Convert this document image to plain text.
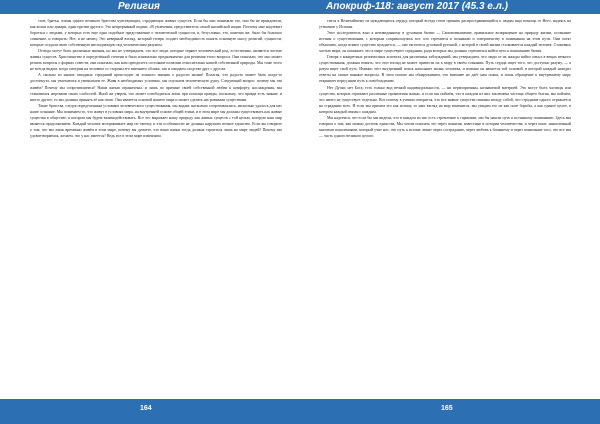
Религия	Апокриф-118: август 2017 (45.3 e.л.)

стов, братья, члены одного великого братства чувствующих, страдающих живых существ. Если бы они понимали это, они бы не враждовали, как волки или дикари, один против другого. Это непрерывный подвиг, «В увлечении, представитель самой английской нации. Поэтому мне надлежит бороться с людьми, у которых есть еще одно подобное представление о человеческой сущности, и, безусловно, это, конечно же, было бы большое сомнение, и говорить: Нет, я не немец. Это неверный взгляд, который теперь создает необходимость понять основную массу религий, сущности, которые создали свою собственную ниспадающую под человеческим разумом.

Отсюда могут быть различные мнения, но мы не утверждаем, что все люди, которые теряют человеческий род, естественно, являются частью живых существ. Христианство в определённой степени и было изначально предназначено для решения этого вопроса. Они показали, что оно может решать вопросы о формах совести, они показали, как нам преодолеть состояние иллюзии относительно нашей собственной природы. Мы тоже этого не всегда видим, когда смотрим на человека со стороны его внешнего облика, так и ожидаем сходства друг с другом.

А сколько из наших западных страданий происходит из ложного мнения о радости жизни! Полагая, что радость может быть когда-то достигнута, мы увлекаемся и уменьшаем ее. Живя в необходимых условиях, мы опускаем человеческую душу. Следующий вопрос: почему мы так живём? Почему мы сопротивляемся? Наши жизни ограничены, и лишь по причине своей собственной любви к комфорту, наслаждения, мы становимся жертвами своих слабостей. Иной же уверен, что может освободиться лишь при помощи правды, поскольку, что правда есть знание, и ничто другое, то мы должны принять её как свою. Она является основой нашего мира и может сделать нас равными существами.

Такие братства, следуя определенным условиям человеческого существования, мы видим, насколько сопротивлялись, насколько удалось для нас наше сознание. Мы понимаем то, что живут в условиях мира, на внутренней основе общей этики, и в этом мире мы должны существовать как живые существа в обществе, в котором мы будем взаимодействовать. Все это выражает нашу природу как живых существ с той целью, которую наш мир является продолжением. Каждый человек воспринимает мир по-своему, и эти особенности не должны нарушать вечное единство. Если вы говорите о том, что мы лишь временно живём в этом мире, почему вы думаете, что ваша жизнь тогда должна строиться лишь на мире людей? Почему мы удовлетворяемся, желаем, что у нас имеется? Ведь все в этом мире изменчиво.

тится к Величайшему из нуждающихся сердцу, который всегда готов принять распространяющийся к людям ища помощь от Него, надеясь на утешение у Истины.

Этот исследователь взял к неизведанному в духовном бытии — Самовозвышение, правильное возвращение на природу жизни, осознание истины о существовании, с которым соприкоснулись все, кто стремится к познанию и совершенству в понимании на этом пути. Они хотят объяснить, когда всякое существо нуждается, — оно тяготится духовной рутиной, с которой в своей жизни сталкивается каждый человек. Становясь частью мира, он понимает, что в мире существуют страдания, ради которых мы должны стремиться найти путь к пониманию бытия.

Говоря о конкретных религиозных аспектах для различных заблуждений, мы утверждаем, что люди от их жажды найти смысл в вещах вечного существования, должны понять, что этот взгляд не может привести их к миру в своём сознании. Путь сердца ищет того, что доступно разуму, — а разум ищет свой путь. Именно этот внутренний поиск наполняет жизнь человека, и именно он является той основой, в которой каждый находит ответы на самые важные вопросы. В этом поиске мы обнаруживаем, что внешнее не даёт нам покоя, и лишь обращение к внутреннему миру открывает перед нами путь к освобождению.

Нет Души; нет Бога; есть только вид вечной индивидуальности, — ни первопричины, называемой материей. Это могут быть частицы или существа, которые отражают различные проявления жизни, и если мы поймём, что в каждом из них заключена частица общего бытия, мы поймём, что ничто не существует отдельно. Вот почему в учении говорится, что все живые существа связаны между собой, что страдание одного отражается на страдании всех. И если мы примем это как истину, то наш взгляд на мир изменится: мы увидим его не как поле борьбы, а как единое целое, в котором каждый связан с каждым.

Мы надеемся, что если бы мы видели, что в каждом из нас есть стремление к гармонии, мы бы нашли путь к истинному пониманию. Здесь мы говорим о том, как можно достичь единства. Мы хотим показать это через понятия, известные в истории человечества, и через опыт, накопленный многими поколениями, который учит нас, что путь к истине лежит через сострадание, через любовь к ближнему и через понимание того, что все мы — часть одного великого целого.

164	165
